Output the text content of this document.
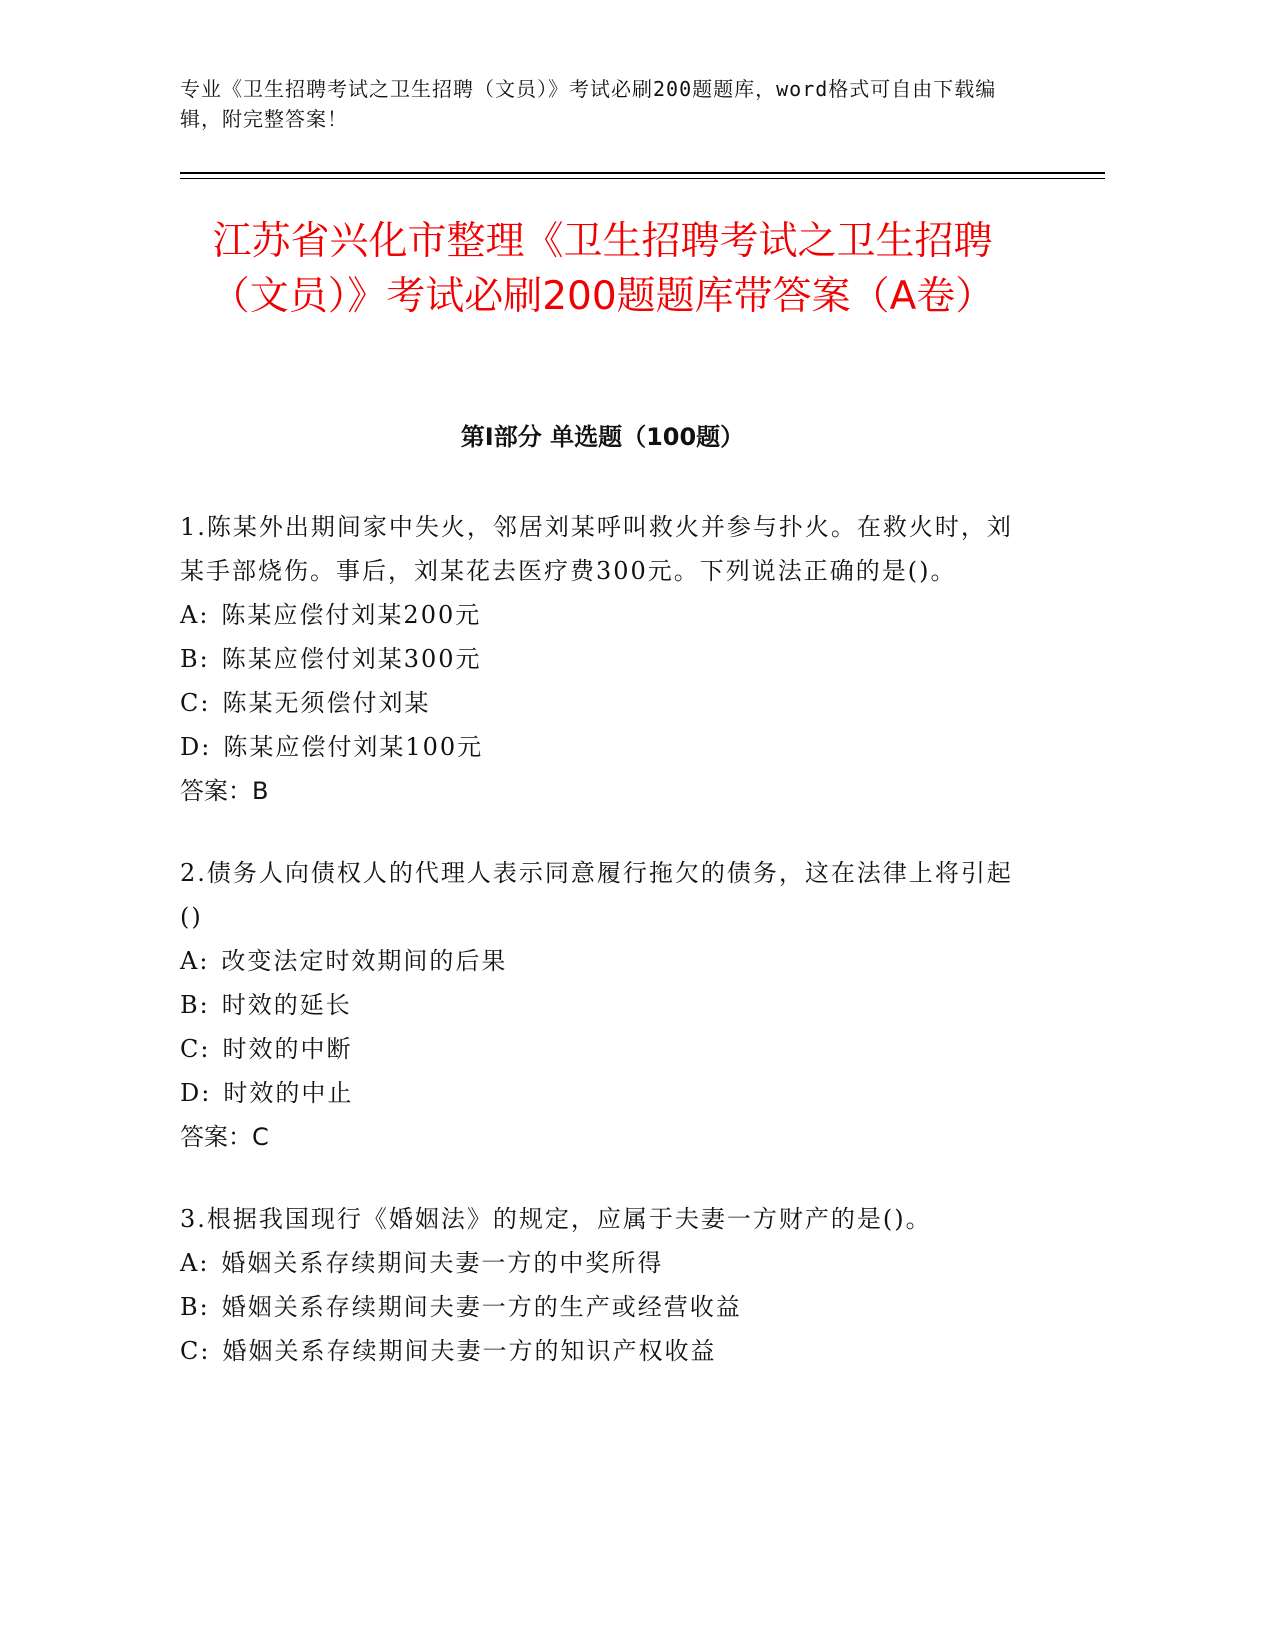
专业《卫生招聘考试之卫生招聘（文员）》考试必刷200题题库，word格式可自由下载编辑，附完整答案！
江苏省兴化市整理《卫生招聘考试之卫生招聘（文员）》考试必刷200题题库带答案（A卷）
第Ⅰ部分 单选题（100题）
1.陈某外出期间家中失火，邻居刘某呼叫救火并参与扑火。在救火时，刘某手部烧伤。事后，刘某花去医疗费300元。下列说法正确的是()。
A: 陈某应偿付刘某200元
B: 陈某应偿付刘某300元
C: 陈某无须偿付刘某
D: 陈某应偿付刘某100元
答案：B
2.债务人向债权人的代理人表示同意履行拖欠的债务，这在法律上将引起()
A: 改变法定时效期间的后果
B: 时效的延长
C: 时效的中断
D: 时效的中止
答案：C
3.根据我国现行《婚姻法》的规定，应属于夫妻一方财产的是()。
A: 婚姻关系存续期间夫妻一方的中奖所得
B: 婚姻关系存续期间夫妻一方的生产或经营收益
C: 婚姻关系存续期间夫妻一方的知识产权收益
